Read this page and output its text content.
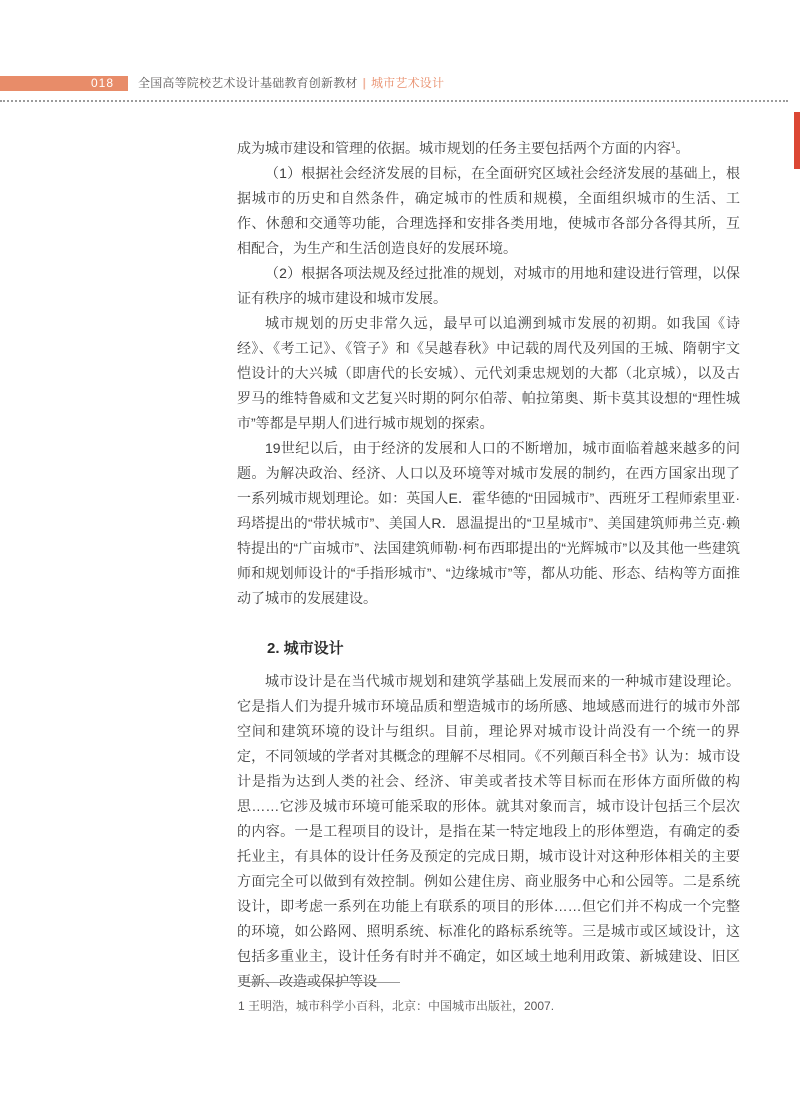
018	全国高等院校艺术设计基础教育创新教材 | 城市艺术设计

成为城市建设和管理的依据。城市规划的任务主要包括两个方面的内容$^1$。

（1）根据社会经济发展的目标，在全面研究区域社会经济发展的基础上，根据城市的历史和自然条件，确定城市的性质和规模，全面组织城市的生活、工作、休憩和交通等功能，合理选择和安排各类用地，使城市各部分各得其所，互相配合，为生产和生活创造良好的发展环境。

（2）根据各项法规及经过批准的规划，对城市的用地和建设进行管理，以保证有秩序的城市建设和城市发展。

城市规划的历史非常久远，最早可以追溯到城市发展的初期。如我国《诗经》、《考工记》、《管子》和《吴越春秋》中记载的周代及列国的王城、隋朝宇文恺设计的大兴城（即唐代的长安城）、元代刘秉忠规划的大都（北京城），以及古罗马的维特鲁威和文艺复兴时期的阿尔伯蒂、帕拉第奥、斯卡莫其设想的“理性城市”等都是早期人们进行城市规划的探索。

19世纪以后，由于经济的发展和人口的不断增加，城市面临着越来越多的问题。为解决政治、经济、人口以及环境等对城市发展的制约，在西方国家出现了一系列城市规划理论。如：英国人E．霍华德的“田园城市”、西班牙工程师索里亚·玛塔提出的“带状城市”、美国人R．恩温提出的“卫星城市”、美国建筑师弗兰克·赖特提出的“广亩城市”、法国建筑师勒·柯布西耶提出的“光辉城市”以及其他一些建筑师和规划师设计的“手指形城市”、“边缘城市”等，都从功能、形态、结构等方面推动了城市的发展建设。

2. 城市设计

城市设计是在当代城市规划和建筑学基础上发展而来的一种城市建设理论。它是指人们为提升城市环境品质和塑造城市的场所感、地域感而进行的城市外部空间和建筑环境的设计与组织。目前，理论界对城市设计尚没有一个统一的界定，不同领域的学者对其概念的理解不尽相同。《不列颠百科全书》认为：城市设计是指为达到人类的社会、经济、审美或者技术等目标而在形体方面所做的构思……它涉及城市环境可能采取的形体。就其对象而言，城市设计包括三个层次的内容。一是工程项目的设计，是指在某一特定地段上的形体塑造，有确定的委托业主，有具体的设计任务及预定的完成日期，城市设计对这种形体相关的主要方面完全可以做到有效控制。例如公建住房、商业服务中心和公园等。二是系统设计，即考虑一系列在功能上有联系的项目的形体……但它们并不构成一个完整的环境，如公路网、照明系统、标准化的路标系统等。三是城市或区域设计，这包括多重业主，设计任务有时并不确定，如区域土地利用政策、新城建设、旧区更新、改造或保护等设

1 王明浩，城市科学小百科，北京：中国城市出版社，2007.
